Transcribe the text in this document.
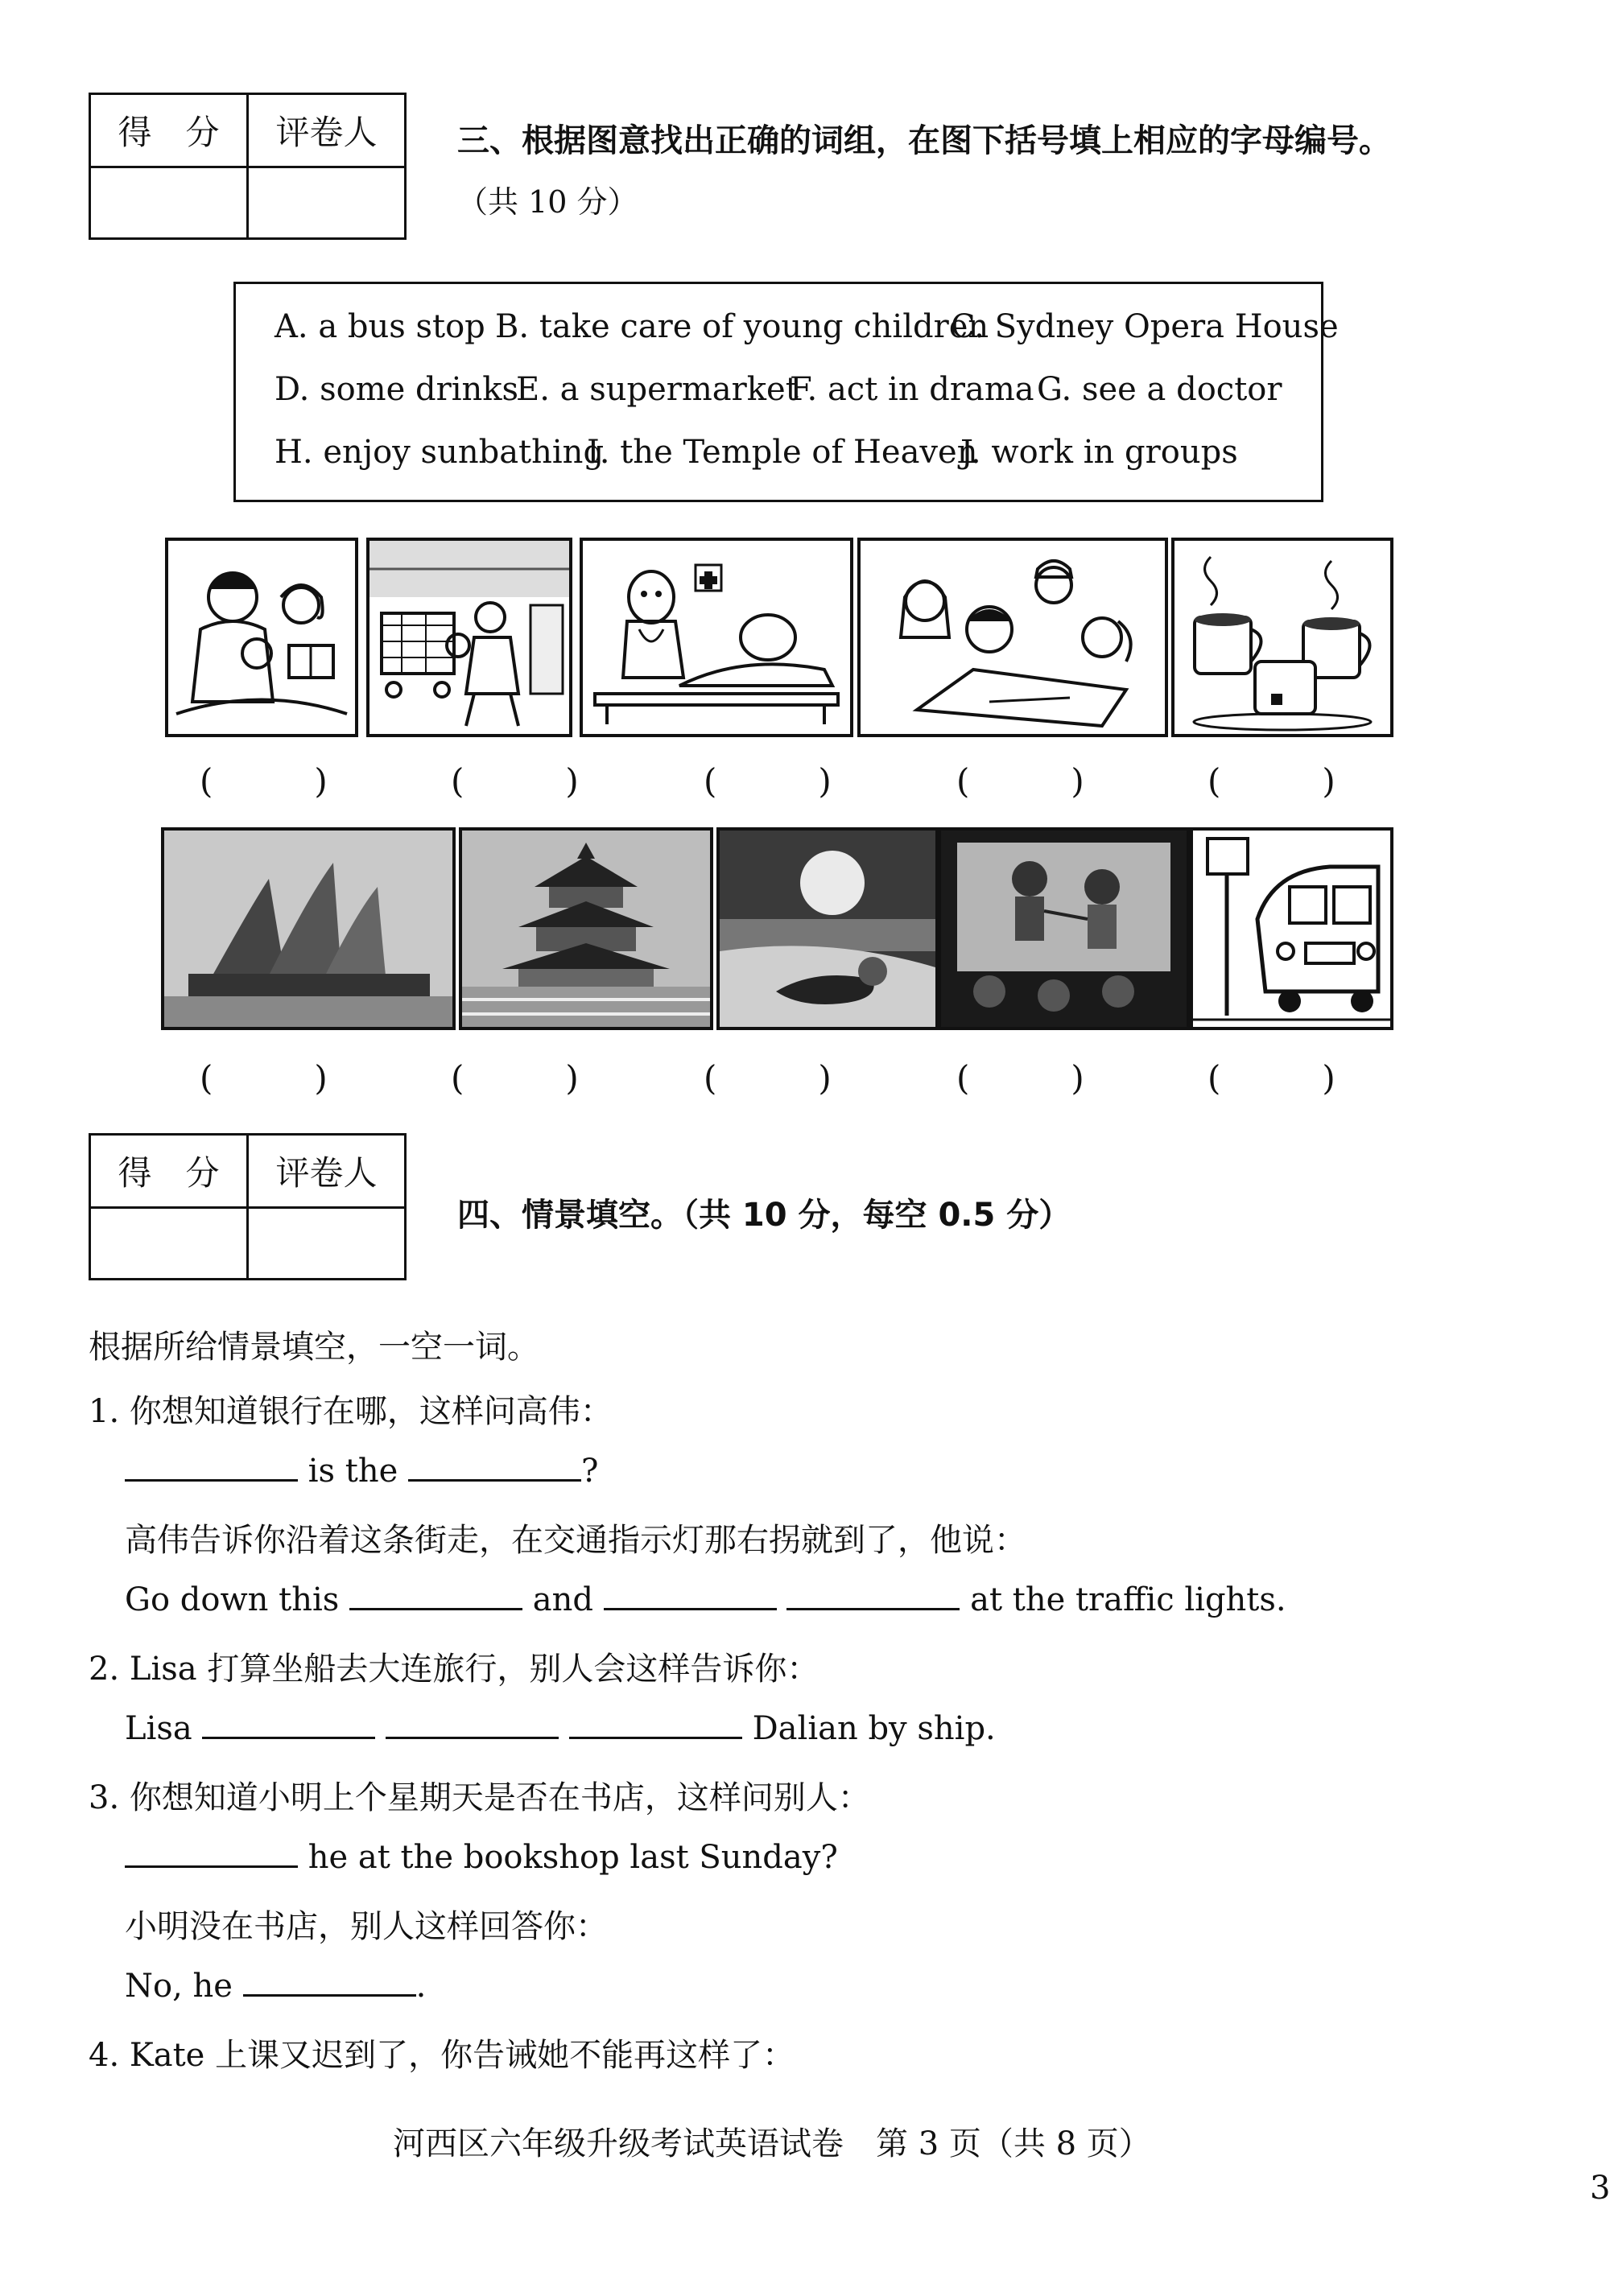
得　分	评卷人
	三、根据图意找出正确的词组，在图下括号填上相应的字母编号。
（共 10 分）
A. a bus stop B. take care of young children
C. Sydney Opera House
D. some drinks
E. a supermarket
F. act in drama G. see a doctor
H. enjoy sunbathing
I. the Temple of Heaven
J. work in groups
(　　　)	(　　　)	(　　　)	(　　　)	(　　　)
(　　　)	(　　　)	(　　　)	(　　　)	(　　　)
得　分	评卷人

四、情景填空。（共 10 分，每空 0.5 分）
根据所给情景填空，一空一词。
1. 你想知道银行在哪，这样问高伟：
is the	?
高伟告诉你沿着这条街走，在交通指示灯那右拐就到了，他说：
Go down this	and	at the traffic lights.
2. Lisa 打算坐船去大连旅行，别人会这样告诉你：
Lisa	Dalian by ship.
3. 你想知道小明上个星期天是否在书店，这样问别人：
he at the bookshop last Sunday?
小明没在书店，别人这样回答你：
No, he	.
4. Kate 上课又迟到了，你告诫她不能再这样了：
河西区六年级升级考试英语试卷　第 3 页（共 8 页）
3
